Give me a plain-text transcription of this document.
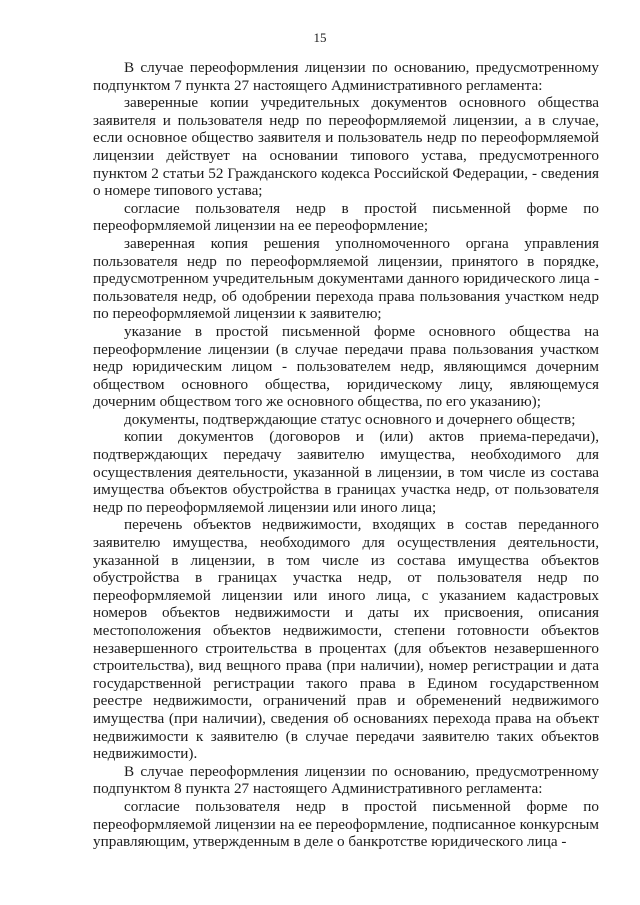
15

В случае переоформления лицензии по основанию, предусмотренному подпунктом 7 пункта 27 настоящего Административного регламента:

заверенные копии учредительных документов основного общества заявителя и пользователя недр по переоформляемой лицензии, а в случае, если основное общество заявителя и пользователь недр по переоформляемой лицензии действует на основании типового устава, предусмотренного пунктом 2 статьи 52 Гражданского кодекса Российской Федерации, - сведения о номере типового устава;

согласие пользователя недр в простой письменной форме по переоформляемой лицензии на ее переоформление;

заверенная копия решения уполномоченного органа управления пользователя недр по переоформляемой лицензии, принятого в порядке, предусмотренном учредительным документами данного юридического лица - пользователя недр, об одобрении перехода права пользования участком недр по переоформляемой лицензии к заявителю;

указание в простой письменной форме основного общества на переоформление лицензии (в случае передачи права пользования участком недр юридическим лицом - пользователем недр, являющимся дочерним обществом основного общества, юридическому лицу, являющемуся дочерним обществом того же основного общества, по его указанию);

документы, подтверждающие статус основного и дочернего обществ;

копии документов (договоров и (или) актов приема-передачи), подтверждающих передачу заявителю имущества, необходимого для осуществления деятельности, указанной в лицензии, в том числе из состава имущества объектов обустройства в границах участка недр, от пользователя недр по переоформляемой лицензии или иного лица;

перечень объектов недвижимости, входящих в состав переданного заявителю имущества, необходимого для осуществления деятельности, указанной в лицензии, в том числе из состава имущества объектов обустройства в границах участка недр, от пользователя недр по переоформляемой лицензии или иного лица, с указанием кадастровых номеров объектов недвижимости и даты их присвоения, описания местоположения объектов недвижимости, степени готовности объектов незавершенного строительства в процентах (для объектов незавершенного строительства), вид вещного права (при наличии), номер регистрации и дата государственной регистрации такого права в Едином государственном реестре недвижимости, ограничений прав и обременений недвижимого имущества (при наличии), сведения об основаниях перехода права на объект недвижимости к заявителю (в случае передачи заявителю таких объектов недвижимости).

В случае переоформления лицензии по основанию, предусмотренному подпунктом 8 пункта 27 настоящего Административного регламента:

согласие пользователя недр в простой письменной форме по переоформляемой лицензии на ее переоформление, подписанное конкурсным управляющим, утвержденным в деле о банкротстве юридического лица -
